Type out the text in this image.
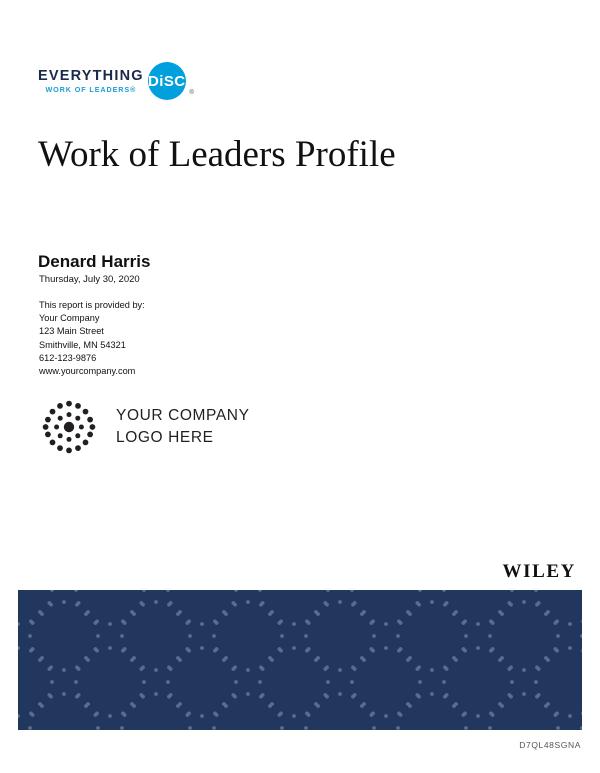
EVERYTHING
WORK OF LEADERS®
DiSC
®
Work of Leaders Profile
Denard Harris
Thursday, July 30, 2020
This report is provided by:
Your Company
123 Main Street
Smithville, MN 54321
612-123-9876
www.yourcompany.com
YOUR COMPANY
LOGO HERE
WILEY
D7QL48SGNA
